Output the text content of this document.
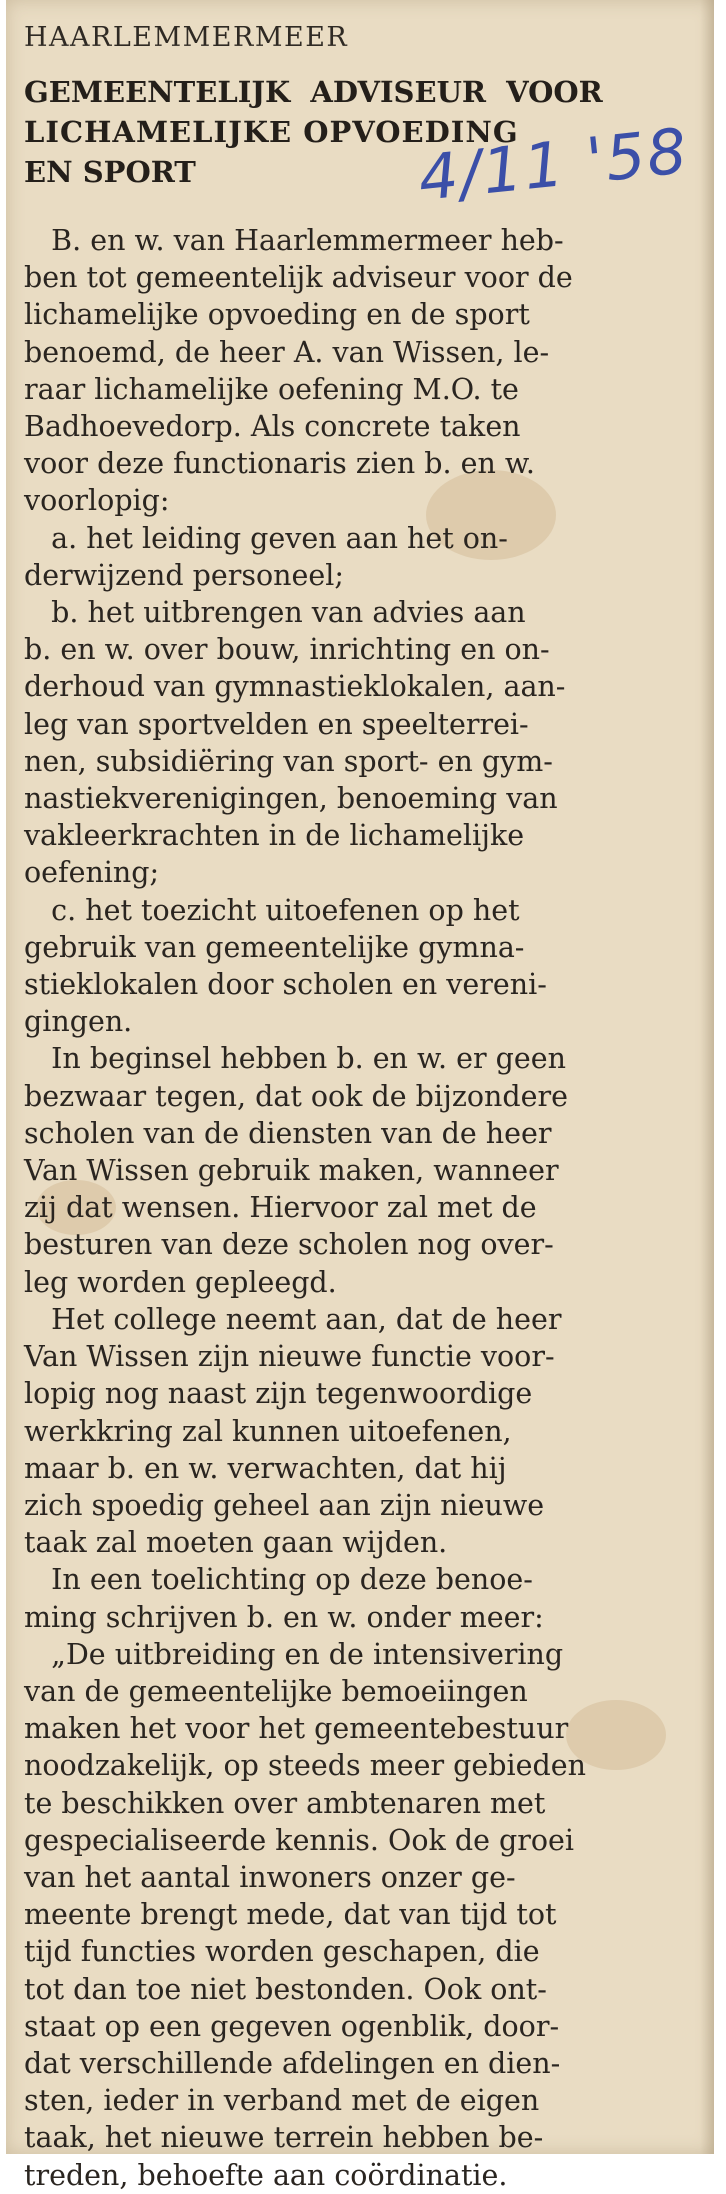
HAARLEMMERMEER
GEMEENTELIJK ADVISEUR VOOR
LICHAMELIJKE OPVOEDING
EN SPORT	4/11 '58
B. en w. van Haarlemmermeer heb-
ben tot gemeentelijk adviseur voor de
lichamelijke opvoeding en de sport
benoemd, de heer A. van Wissen, le-
raar lichamelijke oefening M.O. te
Badhoevedorp. Als concrete taken
voor deze functionaris zien b. en w.
voorlopig:
a. het leiding geven aan het on-
derwijzend personeel;
b. het uitbrengen van advies aan
b. en w. over bouw, inrichting en on-
derhoud van gymnastieklokalen, aan-
leg van sportvelden en speelterrei-
nen, subsidiëring van sport- en gym-
nastiekverenigingen, benoeming van
vakleerkrachten in de lichamelijke
oefening;
c. het toezicht uitoefenen op het
gebruik van gemeentelijke gymna-
stieklokalen door scholen en vereni-
gingen.
In beginsel hebben b. en w. er geen
bezwaar tegen, dat ook de bijzondere
scholen van de diensten van de heer
Van Wissen gebruik maken, wanneer
zij dat wensen. Hiervoor zal met de
besturen van deze scholen nog over-
leg worden gepleegd.
Het college neemt aan, dat de heer
Van Wissen zijn nieuwe functie voor-
lopig nog naast zijn tegenwoordige
werkkring zal kunnen uitoefenen,
maar b. en w. verwachten, dat hij
zich spoedig geheel aan zijn nieuwe
taak zal moeten gaan wijden.
In een toelichting op deze benoe-
ming schrijven b. en w. onder meer:
„De uitbreiding en de intensivering
van de gemeentelijke bemoeiingen
maken het voor het gemeentebestuur
noodzakelijk, op steeds meer gebieden
te beschikken over ambtenaren met
gespecialiseerde kennis. Ook de groei
van het aantal inwoners onzer ge-
meente brengt mede, dat van tijd tot
tijd functies worden geschapen, die
tot dan toe niet bestonden. Ook ont-
staat op een gegeven ogenblik, door-
dat verschillende afdelingen en dien-
sten, ieder in verband met de eigen
taak, het nieuwe terrein hebben be-
treden, behoefte aan coördinatie.
